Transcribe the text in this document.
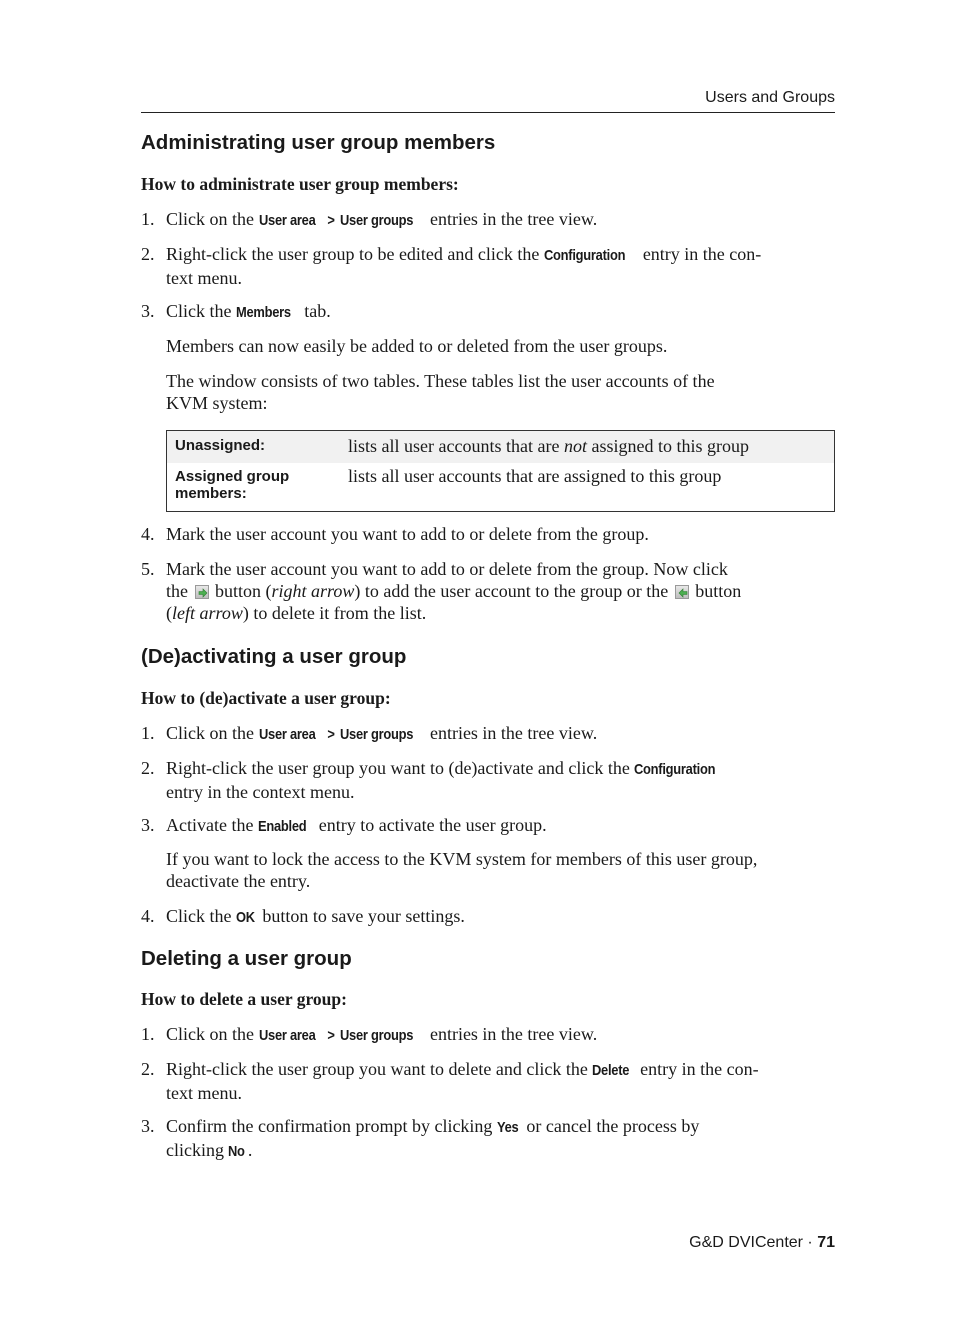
Users and Groups
Administrating user group members
How to administrate user group members:
1. Click on the User area > User groups entries in the tree view.
2. Right-click the user group to be edited and click the Configuration entry in the con-
text menu.
3. Click the Members tab.
Members can now easily be added to or deleted from the user groups.
The window consists of two tables. These tables list the user accounts of the
KVM system:
Unassigned:	lists all user accounts that are not assigned to this group
Assigned group
members:
lists all user accounts that are assigned to this group
4. Mark the user account you want to add to or delete from the group.
5. Mark the user account you want to add to or delete from the group. Now click
the
button (right arrow) to add the user account to the group or the
button
(left arrow) to delete it from the list.
(De)activating a user group
How to (de)activate a user group:
1. Click on the User area > User groups entries in the tree view.
2. Right-click the user group you want to (de)activate and click the Configuration
entry in the context menu.
3. Activate the Enabled entry to activate the user group.
If you want to lock the access to the KVM system for members of this user group,
deactivate the entry.
4. Click the OK button to save your settings.
Deleting a user group
How to delete a user group:
1. Click on the User area > User groups entries in the tree view.
2. Right-click the user group you want to delete and click the Delete entry in the con-
text menu.
3. Confirm the confirmation prompt by clicking Yes or cancel the process by
clicking No .
G&D DVICenter · 71
